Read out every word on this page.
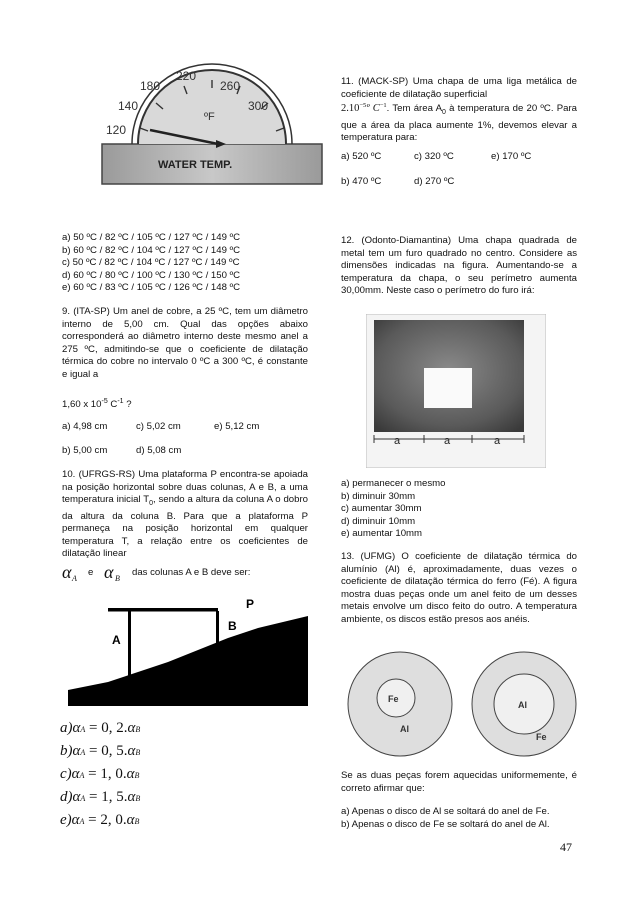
120
140
180
220
260
300
ºF
WATER TEMP.
a) 50 ºC / 82 ºC / 105 ºC / 127 ºC / 149 ºC
b) 60 ºC / 82 ºC / 104 ºC / 127 ºC / 149 ºC
c) 50 ºC / 82 ºC / 104 ºC / 127 ºC / 149 ºC
d) 60 ºC / 80 ºC / 100 ºC / 130 ºC / 150 ºC
e) 60 ºC / 83 ºC / 105 ºC / 126 ºC / 148 ºC
9. (ITA-SP) Um anel de cobre, a 25 ºC, tem um diâmetro interno de 5,00 cm. Qual das opções abaixo corresponderá ao diâmetro interno deste mesmo anel a 275 ºC, admitindo-se que o coeficiente de dilatação térmica do cobre no intervalo 0 ºC a 300 ºC, é constante e igual a
1,60 x $10^{-5}$ $C^{-1}$ ?
a) 4,98 cm	c) 5,02 cm	e) 5,12 cm
b) 5,00 cm	d) 5,08 cm
10. (UFRGS-RS) Uma plataforma P encontra-se apoiada na posição horizontal sobre duas colunas, A e B, a uma temperatura inicial $T_0$, sendo a altura da coluna A o dobro da altura da coluna B. Para que a plataforma P permaneça na posição horizontal em qualquer temperatura T, a relação entre os coeficientes de dilatação linear
α A
e α B
das colunas A e B deve ser:
P
A
B
a)αA = 0, 2.αB
b)αA = 0, 5.αB
c)αA = 1, 0.αB
d)αA = 1, 5.αB
e)αA = 2, 0.αB
11. (MACK-SP) Uma chapa de uma liga metálica de coeficiente de dilatação superficial
$2.10^{-5}º$ $C^{-1}$. Tem área $A_0$ à temperatura de 20 ºC. Para que a área da placa aumente 1%, devemos elevar a temperatura para:
a) 520 ºC	c) 320 ºC	e) 170 ºC
b) 470 ºC	d) 270 ºC
12. (Odonto-Diamantina) Uma chapa quadrada de metal tem um furo quadrado no centro. Considere as dimensões indicadas na figura. Aumentando-se a temperatura da chapa, o seu perímetro aumenta 30,00mm. Neste caso o perímetro do furo irá:
a	a	a
a) permanecer o mesmo
b) diminuir 30mm
c) aumentar 30mm
d) diminuir 10mm
e) aumentar 10mm
13. (UFMG) O coeficiente de dilatação térmica do alumínio (Al) é, aproximadamente, duas vezes o coeficiente de dilatação térmica do ferro (Fé). A figura mostra duas peças onde um anel feito de um desses metais envolve um disco feito do outro. A temperatura ambiente, os discos estão presos aos anéis.
Fe
Al
Al
Fe
Se as duas peças forem aquecidas uniformemente, é correto afirmar que:
a) Apenas o disco de Al se soltará do anel de Fe.
b) Apenas o disco de Fe se soltará do anel de Al.
47
